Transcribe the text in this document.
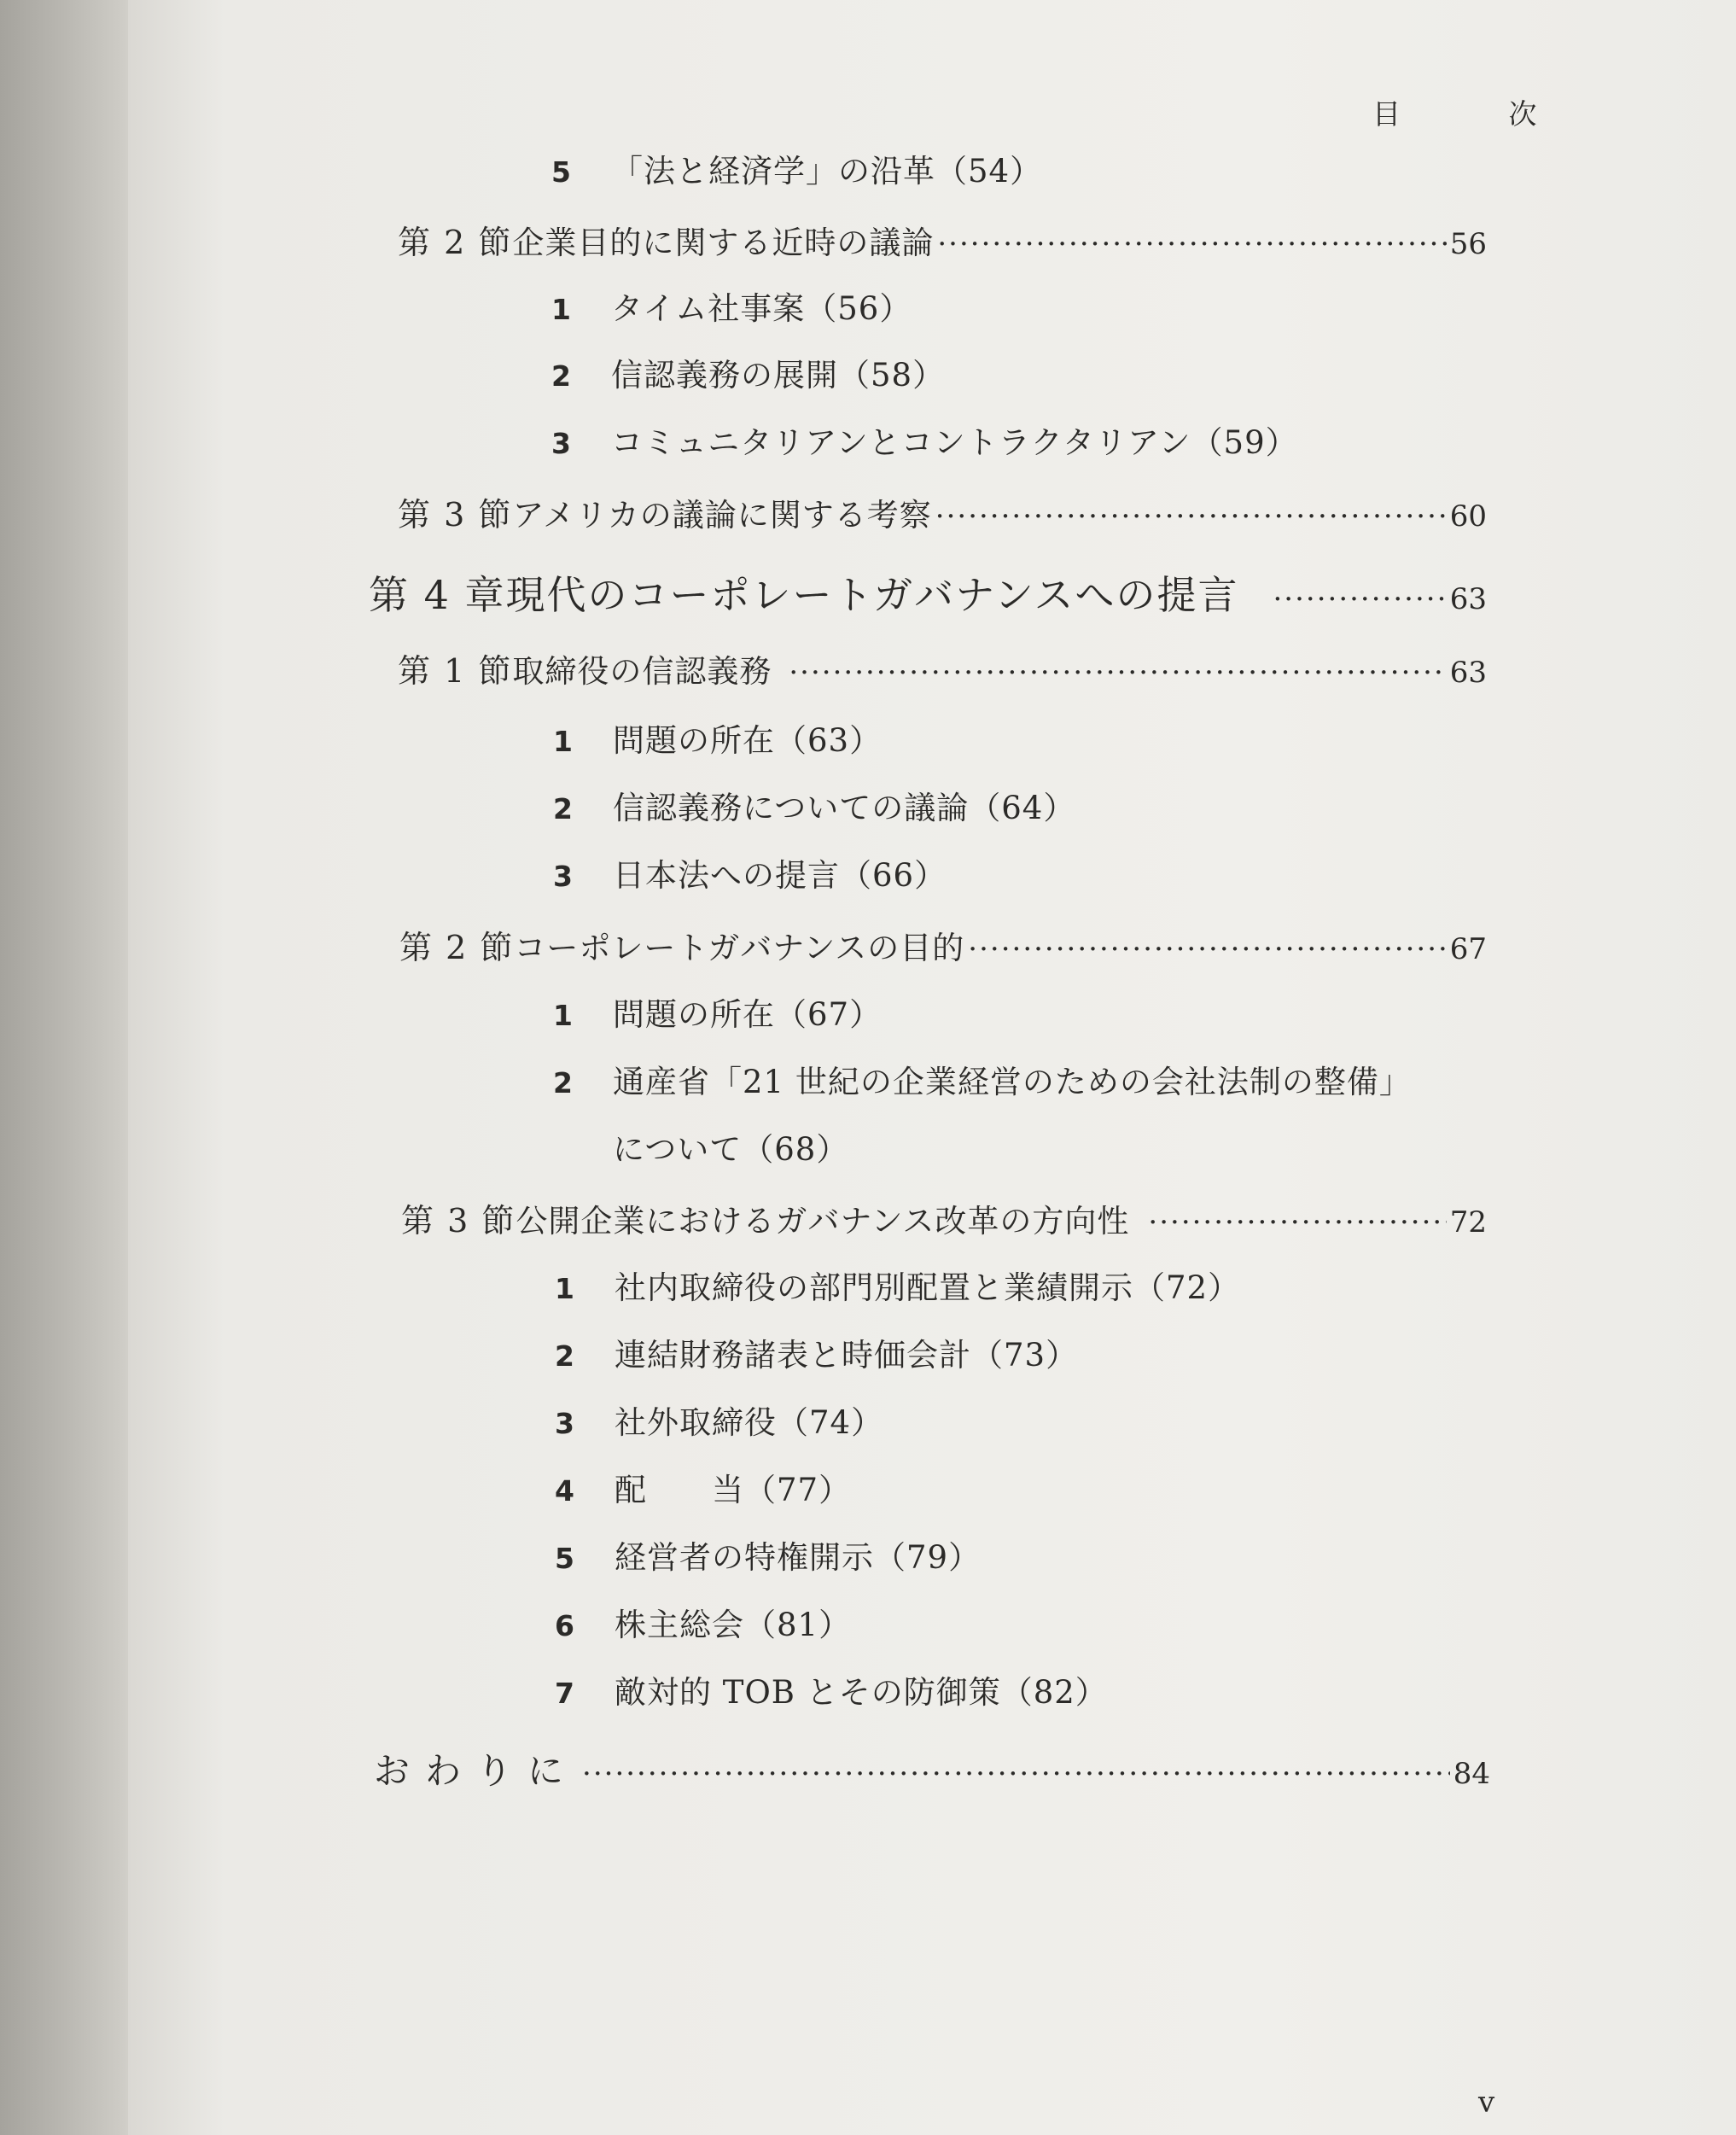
目 次
5	「法と経済学」の沿革（54）
第 2 節 企業目的に関する近時の議論 ·····	56
1	タイム社事案（56）
2	信認義務の展開（58）
3	コミュニタリアンとコントラクタリアン（59）
第 3 節 アメリカの議論に関する考察 ·····	60
第 4 章 現代のコーポレートガバナンスへの提言 ·····	63
第 1 節 取締役の信認義務 ·····	63
1	問題の所在（63）
2	信認義務についての議論（64）
3	日本法への提言（66）
第 2 節 コーポレートガバナンスの目的 ·····	67
1	問題の所在（67）
2	通産省「21 世紀の企業経営のための会社法制の整備」
について（68）
第 3 節 公開企業におけるガバナンス改革の方向性 ·····	72
1	社内取締役の部門別配置と業績開示（72）
2	連結財務諸表と時価会計（73）
3	社外取締役（74）
4	配　　当（77）
5	経営者の特権開示（79）
6	株主総会（81）
7	敵対的 TOB とその防御策（82）
おわりに ·····	84
v
